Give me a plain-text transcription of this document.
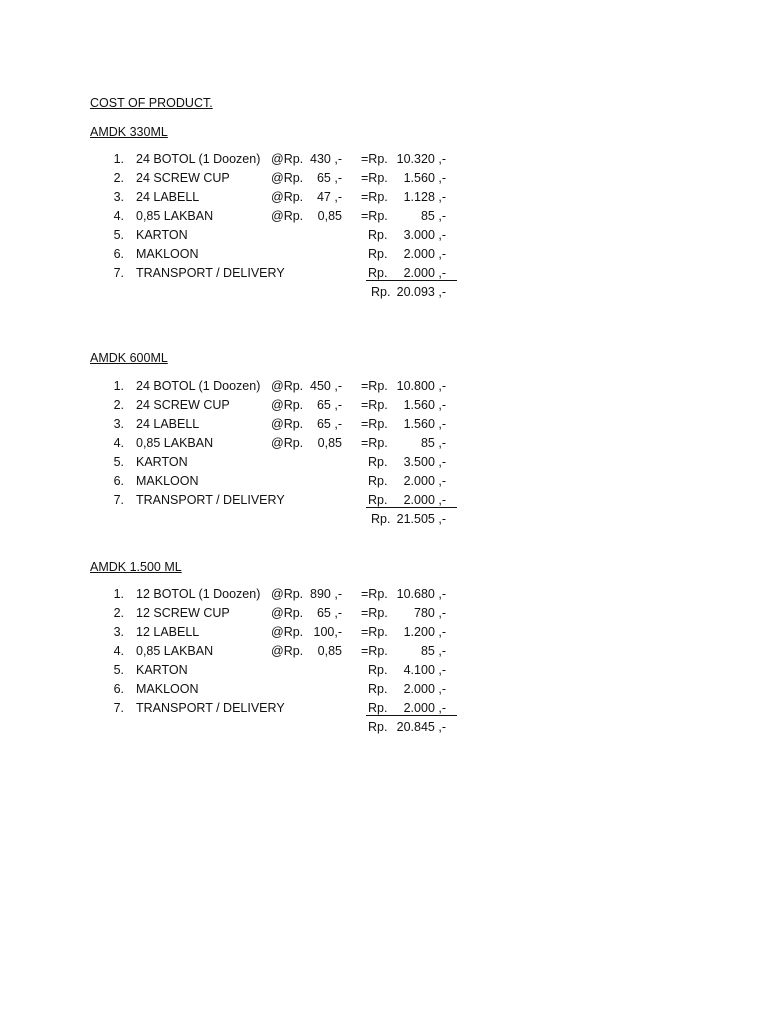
COST OF PRODUCT.
AMDK 330ML
1. 24 BOTOL (1 Doozen) @Rp. 430 ,- =Rp. 10.320 ,-
2. 24 SCREW CUP	@Rp.	65 ,- =Rp.	1.560 ,-
3. 24 LABELL	@Rp.	47 ,- =Rp.	1.128 ,-
4. 0,85 LAKBAN	@Rp.	0,85 =Rp.	85 ,-
5. KARTON	Rp.	3.000 ,-
6. MAKLOON	Rp.	2.000 ,-
7. TRANSPORT / DELIVERY	Rp.	2.000 ,-
Rp. 20.093 ,-
AMDK 600ML
1. 24 BOTOL (1 Doozen) @Rp. 450 ,- =Rp. 10.800 ,-
2. 24 SCREW CUP	@Rp.	65 ,- =Rp.	1.560 ,-
3. 24 LABELL	@Rp.	65 ,- =Rp.	1.560 ,-
4. 0,85 LAKBAN	@Rp.	0,85 =Rp.	85 ,-
5. KARTON	Rp.	3.500 ,-
6. MAKLOON	Rp.	2.000 ,-
7. TRANSPORT / DELIVERY	Rp.	2.000 ,-
Rp. 21.505 ,-
AMDK 1.500 ML
1. 12 BOTOL (1 Doozen) @Rp. 890 ,- =Rp. 10.680 ,-
2. 12 SCREW CUP	@Rp.	65 ,- =Rp.	780 ,-
3. 12 LABELL	@Rp. 100,- =Rp.	1.200 ,-
4. 0,85 LAKBAN	@Rp.	0,85 =Rp.	85 ,-
5. KARTON	Rp.	4.100 ,-
6. MAKLOON	Rp.	2.000 ,-
7. TRANSPORT / DELIVERY	Rp.	2.000 ,-
Rp. 20.845 ,-
